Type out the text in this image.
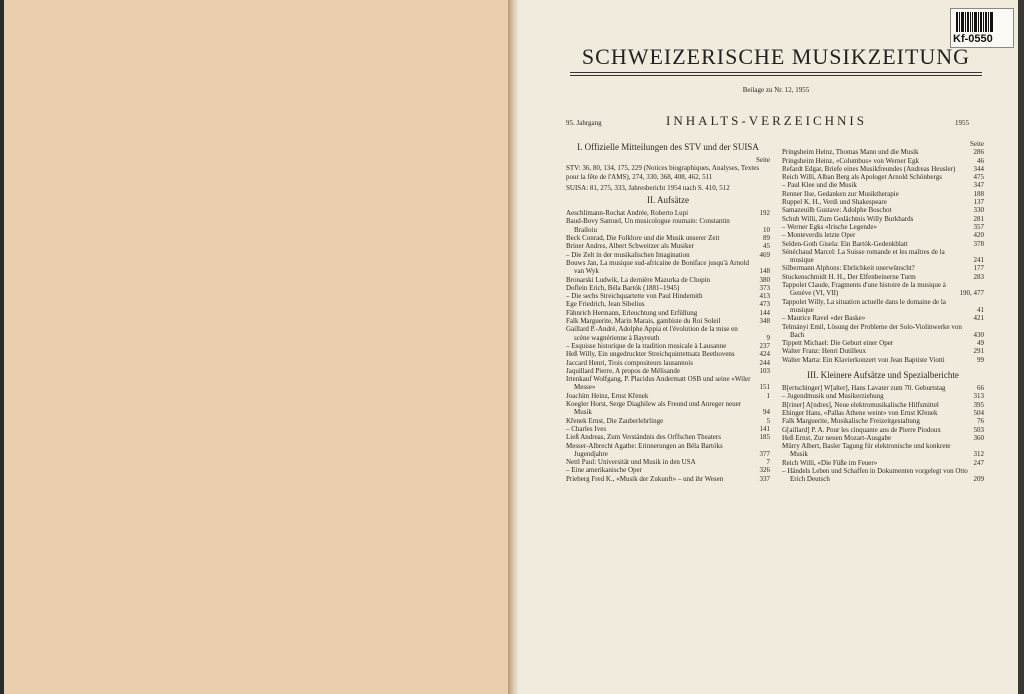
Kf-0550
SCHWEIZERISCHE MUSIKZEITUNG
Beilage zu Nr. 12, 1955
95. Jahrgang	INHALTS-VERZEICHNIS	1955
I. Offizielle Mitteilungen des STV und der SUISA
Seite
STV: 36, 80, 134, 175, 229 (Notices biographiques, Analyses, Textes pour la fête de l'AMS), 274, 330, 368, 408, 462, 511
SUISA: 81, 275, 333, Jahresbericht 1954 nach S. 410, 512
II. Aufsätze
Aeschlimann-Rochat Andrée, Roberto Lupi	192
Baud-Bovy Samuel, Un musicologue roumain: Constantin Brailoiu	10
Beck Conrad, Die Folklore und die Musik unserer Zeit	89
Briner Andres, Albert Schweitzer als Musiker	45
– Die Zelt in der musikalischen Imagination	469
Bouws Jan, La musique sud-africaine de Boniface jusqu'à Arnold van Wyk	148
Bronarski Ludwik, La dernière Mazurka de Chopin	380
Doflein Erich, Béla Bartók (1881–1945)	373
– Die sechs Streichquartette von Paul Hindemith	413
Ege Friedrich, Jean Sibelius	473
Fähnrich Hermann, Erleuchtung und Erfüllung	144
Falk Marguerite, Marin Marais, gambiste du Roi Soleil	348
Gaillard P.-André, Adolphe Appia et l'évolution de la mise en scène wagnérienne à Bayreuth	9
– Esquisse historique de la tradition musicale à Lausanne	237
Heß Willy, Ein ungedruckter Streichquintettsatz Beethovens	424
Jaccard Henri, Trois compositeurs lausannois	244
Jaquillard Pierre, A propos de Mélisande	103
Irtenkauf Wolfgang, P. Placidus Andermatt OSB und seine «Wiler Messe»	151
Joachim Heinz, Ernst Křenek	1
Koegler Horst, Serge Diaghilew als Freund und Anreger neuer Musik	94
Křenek Ernst, Die Zauberlehrlinge	5
– Charles Ives	141
Ließ Andreas, Zum Verständnis des Orffschen Theaters	185
Messer-Albrecht Agathe: Erinnerungen an Béla Bartóks Jugendjahre	377
Nettl Paul: Universität und Musik in den USA	7
– Eine amerikanische Oper	326
Prieberg Fred K., «Musik der Zukunft» – und ihr Wesen	337
Seite
Pringsheim Heinz, Thomas Mann und die Musik	286
Pringsheim Heinz, «Columbus» von Werner Egk	46
Refardt Edgar, Briefe eines Musikfreundes (Andreas Heusler)	344
Reich Willi, Alban Berg als Apologet Arnold Schönbergs	475
– Paul Klee und die Musik	347
Renner Ilse, Gedanken zur Musiktherapie	188
Ruppel K. H., Verdi und Shakespeare	137
Samazeuilh Gustave: Adolphe Boschot	330
Schuh Willi, Zum Gedächtnis Willy Burkhards	281
– Werner Egks «Irische Legende»	357
– Monteverdis letzte Oper	420
Selden-Goth Gisela: Ein Bartók-Gedenkblatt	378
Sénéchaud Marcel: La Suisse romande et les maîtres de la musique	241
Silbermann Alphons: Ebrlichkeit unerwünscht?	177
Stuckenschmidt H. H., Der Elfenbeinerne Turm	283
Tappolet Claude, Fragments d'une histoire de la musique à Genève (VI, VII)	190, 477
Tappolet Willy, La situation actuelle dans le domaine de la musique	41
– Maurice Ravel «der Baske»	421
Telmányi Emil, Lösung der Probleme der Solo-Violinwerke von Bach	430
Tippett Michael: Die Geburt einer Oper	49
Walter Franz: Henri Dutilleux	291
Walter Marta: Ein Klavierkonzert von Jean Baptiste Viotti	99
III. Kleinere Aufsätze und Spezialberichte
B[ertschinger] W[alter], Hans Lavater zum 70. Geburtstag	66
– Jugendmusik und Musikerziehung	313
B[riner] A[ndres], Neue elektromusikalische Hilfsmittel	395
Ehinger Hans, «Pallas Athene weint» von Ernst Křenek	504
Falk Marguerite, Musikalische Freizeitgestaltung	76
G[aillard] P. A. Pour les cinquante ans de Pierre Piodoux	503
Heß Ernst, Zur neuen Mozart-Ausgabe	360
Mürry Albert, Basler Tagung für elektronische und konkrete Musik	312
Reich Willi, «Die Füße im Feuer»	247
– Händels Leben und Schaffen in Dokumenten vorgelegt von Otto Erich Deutsch	209
